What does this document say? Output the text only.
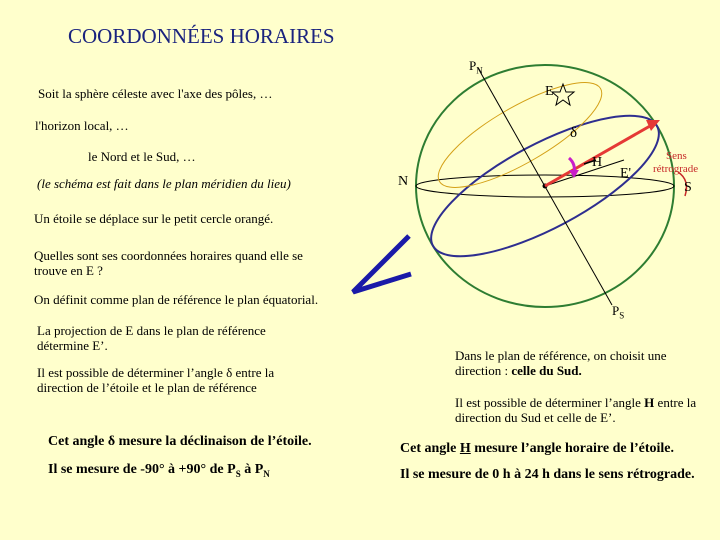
COORDONNÉES HORAIRES
Soit la sphère céleste avec l'axe des pôles, …
l'horizon local, …
le Nord et le Sud, …
(le schéma est fait dans le plan méridien du lieu)
Un étoile se déplace sur le petit cercle orangé.
Quelles sont ses coordonnées horaires quand elle se trouve en E ?
On définit comme plan de référence le plan équatorial.
La projection de E dans le plan de référence détermine E’.
Il est possible de déterminer l’angle δ entre la direction de l’étoile et le plan de référence
Cet angle δ mesure la déclinaison de l’étoile.
Il se mesure de -90° à +90° de $P_S$ à $P_N$
Dans le plan de référence, on choisit une direction : celle du Sud.
Il est possible de déterminer l’angle H entre la direction du Sud et celle de E’.
Cet angle H mesure l’angle horaire de l’étoile.
Il se mesure de 0 h à 24 h dans le sens rétrograde.
$P_N$
E
δ
N
H
E'
S
Sens
rétrograde
$P_S$
